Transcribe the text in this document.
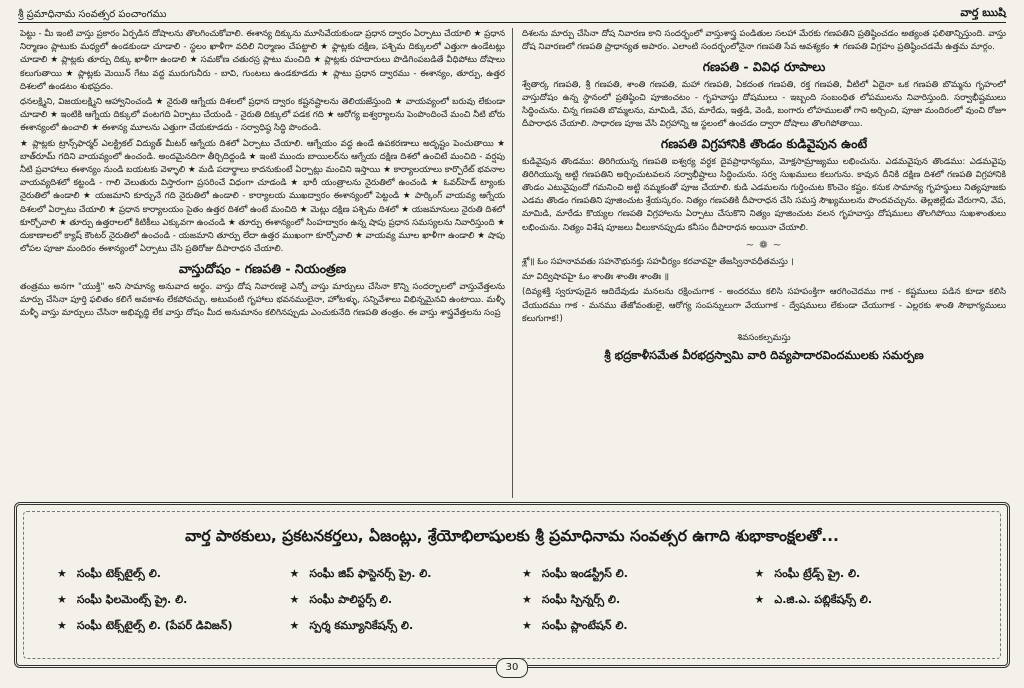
శ్రీ ప్రమాధినామ సంవత్సర పంచాంగము	వార్త ఋషి

పెట్టు - మీ ఇంటి వాస్తు ప్రకారం ఏర్పడిన దోషాలను తొలగించుకోవాలి. ఈశాన్య దిక్కును మూసివేయకుండా ప్రధాన ద్వారం ఏర్పాటు చేయాలి ★ ప్రధాన నిర్మాణం ప్లాటుకు మధ్యలో ఉండకుండా చూడాలి - స్థలం ఖాళీగా వదిలి నిర్మాణం చేపట్టాలి ★ ఫ్లాట్లకు దక్షిణ, పశ్చిమ దిక్కులలో ఎత్తుగా ఉండేటట్లు చూడాలి ★ ప్లాట్లకు తూర్పు దిక్కు ఖాళీగా ఉండాలి ★ సమకోణ చతురస్ర ప్లాటు మంచిది ★ ప్లాట్లకు రహదారులు పొడిగింపబడితే వీధిపోటు దోషాలు కలుగుతాయి ★ ప్లాట్లకు మెయిన్ గేటు వద్ద మురుగునీరు - బావి, గుంటలు ఉండకూడదు ★ ప్లాటు ప్రధాన ద్వారము - ఈశాన్యం, తూర్పు, ఉత్తర దిశలలో ఉండటం శుభప్రదం.

ధనలక్ష్మిని, విజయలక్ష్మిని ఆహ్వానించండి ★ నైరుతి ఆగ్నేయ దిశలలో ప్రధాన ద్వారం కష్టనష్టాలను తెలియజేస్తుంది ★ వాయవ్యంలో బరువు లేకుండా చూడాలి ★ ఇంటికి ఆగ్నేయ దిక్కులో వంటగది ఏర్పాటు చేయండి - నైరుతి దిక్కులో పడక గది ★ ఆరోగ్య ఐశ్వర్యాలను పెంపొందించే మంచి నీటి బోరు ఈశాన్యంలో ఉంచాలి ★ ఈశాన్య మూలను ఎత్తుగా చేయకూడదు - సర్వాధిష్ఠ సిద్ధి పొందండి.

★ ప్లాట్లకు ట్రాన్స్‌ఫార్మర్ ఎలక్ట్రికల్ విద్యుత్ మీటర్ ఆగ్నేయ దిశలో ఏర్పాటు చేయాలి. ఆగ్నేయం వద్ద ఉండే ఉపకరణాలు అదృష్టం పెంచుతాయి ★ బాత్‌రూమ్ గదిని వాయవ్యంలో ఉంచండి. అందమైనదిగా తీర్చిదిద్దండి ★ ఇంటి ముందు బాయిలర్‌ను ఆగ్నేయ దక్షిణ దిశలో ఉంచిటే మంచిది - వర్షపు నీటి ప్రవాహాలు ఈశాన్యం నుండి బయటకు వెళ్ళాలి ★ మడి పదార్థాలు కాదనుకుంటే ఏర్పాట్లు మంచిని ఇస్తాయి ★ కార్యాలయాలు కార్పొరేట్ భవనాల వాయవ్యదిశలో కట్టండి - గాలి వెలుతురు విస్తారంగా ప్రసరించే విధంగా చూడండి ★ భారీ యంత్రాలను నైరుతిలో ఉంచండి ★ ఓవర్‌హెడ్ ట్యాంకు నైరుతిలో ఉండాలి ★ యజమాని కూర్చునే గది నైరుతిలో ఉండాలి - కార్యాలయ ముఖద్వారం ఈశాన్యంలో పెట్టండి ★ పార్కింగ్ వాయవ్య ఆగ్నేయ దిశలలో ఏర్పాటు చేయాలి ★ ప్రధాన కార్యాలయం సైతం ఉత్తర దిశలో ఉంటే మంచిది ★ మెట్లు దక్షిణ పశ్చిమ దిశలో ★ యజమానులు నైరుతి దిశలో కూర్చోవాలి ★ తూర్పు ఉత్తరాలలో కిటికీలు ఎక్కువగా ఉంచండి ★ తూర్పు ఈశాన్యంలో సింహద్వారం ఉన్న షాపు ప్రధాన సమస్యలను నివారిస్తుంది ★ దుకాణాలలో క్యాష్ కౌంటర్ నైరుతిలో ఉంచండి - యజమాని తూర్పు లేదా ఉత్తర ముఖంగా కూర్చోవాలి ★ వాయవ్య మూల ఖాళీగా ఉండాలి ★ షాపు లోపల పూజా మందిరం ఈశాన్యంలో ఏర్పాటు చేసి ప్రతిరోజు దీపారాధన చేయాలి.

వాస్తుదోషం - గణపతి - నియంత్రణ

తంత్రము అనగా "యుక్తి" అని సామాన్య అనువాద అర్థం. వాస్తు దోష నివారణకై ఎన్నో వాస్తు మార్పులు చేసినా కొన్ని సందర్భాలలో వాస్తువేత్తలను మార్పు చేసినా పూర్తి ఫలితం కలిగే అవకాశం లేకపోవచ్చు. అటువంటి గృహాలు భవనములైనా, హోటళ్ళు, సన్నివేశాలు విభిన్నమైనవి ఉంటాయి. మళ్ళీ మళ్ళీ వాస్తు మార్పులు చేసినా అభివృద్ధి లేక వాస్తు దోషం మీద అనుమానం కలిగినప్పుడు ఎంచుకునేది గణపతి తంత్రం. ఈ వాస్తు శాస్త్రవేత్తలను సంప్ర

దిశలను మార్పు చేసినా దోష నివారణ కాని సందర్భంలో వాస్తుశాస్త్ర పండితుల సలహా మేరకు గణపతిని ప్రతిష్ఠించడం అత్యంత ఫలితాన్నిస్తుంది. వాస్తు దోష నివారణలో గణపతి ప్రాధాన్యత అపారం. ఎలాంటి సందర్భంలోనైనా గణపతి సేవ ఆవశ్యకం ★ గణపతి విగ్రహం ప్రతిష్ఠించడమే ఉత్తమ మార్గం.

గణపతి - వివిధ రూపాలు

శ్వేతార్క గణపతి, శ్రీ గణపతి, శాంతి గణపతి, మహా గణపతి, ఏకదంత గణపతి, రక్త గణపతి, వీటిలో ఏదైనా ఒక గణపతి బొమ్మను గృహంలో వాస్తుదోషం ఉన్న స్థానంలో ప్రతిష్ఠించి పూజించటం - గృహవాస్తు దోషములు - ఇబ్బంది సంబంధిత లోపములను నివారిస్తుంది. సర్వాభీష్టములు సిద్ధించును. చిన్న గణపతి బొమ్మలను, మామిడి, వేప, మారేడు, ఇత్తడి, వెండి, బంగారు లోహములతో గాని అర్చించి, పూజా మందిరంలో వుంచి రోజూ దీపారాధన చేయాలి. సాధారణ పూజ వేసి విగ్రహాన్ని ఆ స్థలంలో ఉంచడం ద్వారా దోషాలు తొలగిపోతాయి.

గణపతి విగ్రహానికి తొండం కుడివైపున ఉంటే

కుడివైపున తొండము: తిరిగియున్న గణపతి ఐశ్వర్య వర్ధక దైవప్రాధాన్యము, మోక్షసామ్రాజ్యము లభించును. ఎడమవైపున తొండము: ఎడమవైపు తిరిగియున్న అట్టి గణపతిని అర్చించుటవలన సర్వాభీష్టాలు సిద్ధించును. సర్వ సుఖములు కలుగును. కావున దీనికి దక్షిణ దిశలో గణపతి విగ్రహానికి తొండం ఎటువైపుందో గమనించి అట్టి నమ్మకంతో పూజ చేయాలి. కుడి ఎడమలను గుర్తించుట కొంచెం కష్టం. కనుక సామాన్య గృహస్థులు నిత్యపూజకు ఎడమ తొండం గణపతిని పూజించుట శ్రేయస్కరం. నిత్యం గణపతికి దీపారాధన చేసి సమస్త సౌఖ్యములను పొందవచ్చును. తెల్లజిల్లేడు వేరుగాని, వేప, మామిడి, మారేడు కొయ్యల గణపతి విగ్రహాలను ఏర్పాటు చేసుకొని నిత్యం పూజించుట వలన గృహవాస్తు దోషములు తొలగిపోయి సుఖశాంతులు లభించును. నిత్యం విశేష పూజలు వీలుకానప్పుడు కనీసం దీపారాధన అయినా చేయాలి.

~ ❁ ~

శ్లో॥ ఓం సహనావవతు సహనౌభునక్తు సహవీర్యం కరవావహై తేజస్వినావధీతమస్తు ।

మా విద్విషావహై ఓం శాంతిః శాంతిః శాంతిః ॥

(దివ్యశక్తి స్వరూపుడైన ఆదిదేవుడు మనలను రక్షించుగాక - అందరము కలిసి సహపంక్తిగా ఆరగించెదము గాక - కష్టములు పడిన కూడా కలిసి చేయుదము గాక - మనము తేజోవంతులై, ఆరోగ్య సంపన్నులుగా వేయుగాక - ద్వేషములు లేకుండా చేయుగాక - ఎల్లరకు శాంతి సౌభాగ్యములు కలుగుగాక!)

శివసంకల్పమస్తు
శ్రీ భద్రకాళీసమేత వీరభద్రస్వామి వారి దివ్యపాదారవిందములకు సమర్పణ
వార్త పాఠకులు, ప్రకటనకర్తలు, ఏజంట్లు, శ్రేయోభిలాషులకు శ్రీ ప్రమాధినామ సంవత్సర ఉగాది శుభాకాంక్షలతో...
★ సంఘీ టెక్స్‌టైల్స్ లి.	★ సంఘీ జిప్ ఫాస్టెనర్స్ ప్రై. లి.	★ సంఘీ ఇండస్ట్రీస్ లి.	★ సంఘీ ట్రేడ్స్ ప్రై. లి.
★ సంఘీ ఫిలమెంట్స్ ప్రై. లి.	★ సంఘీ పాలిస్టర్స్ లి.	★ సంఘీ స్పిన్నర్స్ లి.	★ ఎ.జి.ఎ. పబ్లికేషన్స్ లి.
★ సంఘీ టెక్స్‌టైల్స్ లి. (పేపర్ డివిజన్)	★ స్పర్శ కమ్యూనికేషన్స్ లి.	★ సంఘీ ప్లాంటేషన్ లి.
30
